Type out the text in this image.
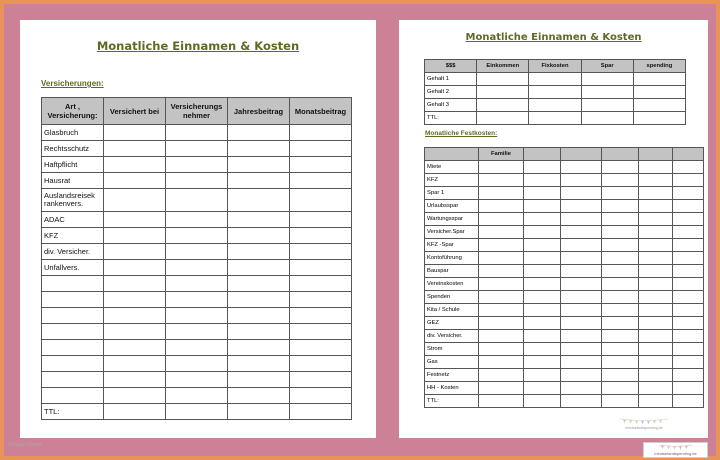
Monatliche Einnamen & Kosten
Versicherungen:
Art , Versicherung:	Versichert bei	Versicherungs nehmer	Jahresbeitrag	Monatsbeitrag
Glasbruch				
Rechtsschutz				
Haftpflicht				
Hausrat				
Auslandsreisek rankenvers.				
ADAC				
KFZ				
div. Versicher.				
Unfallvers.				

TTL:				
Monatliche Einnamen & Kosten
$$$	Einkommen	Fixkosten	Spar	spending
Gehalt 1				
Gehalt 2				
Gehalt 3				
TTL:				
Monatliche Festkosten:
	Familie					
Miete						
KFZ						
Spar 1						
Urlaubsspar						
Wartungsspar						
Versicher.Spar						
KFZ -Spar						
Kontoführung						
Bauspar						
Vereinskosten						
Spenden						
Kita / Schule						
GEZ						
div. Versicher.						
Strom						
Gas						
Festnetz						
HH - Kosten						
TTL:						
mindsetandspending.de
Vorlage-Ordner
mindsetandspending.de
